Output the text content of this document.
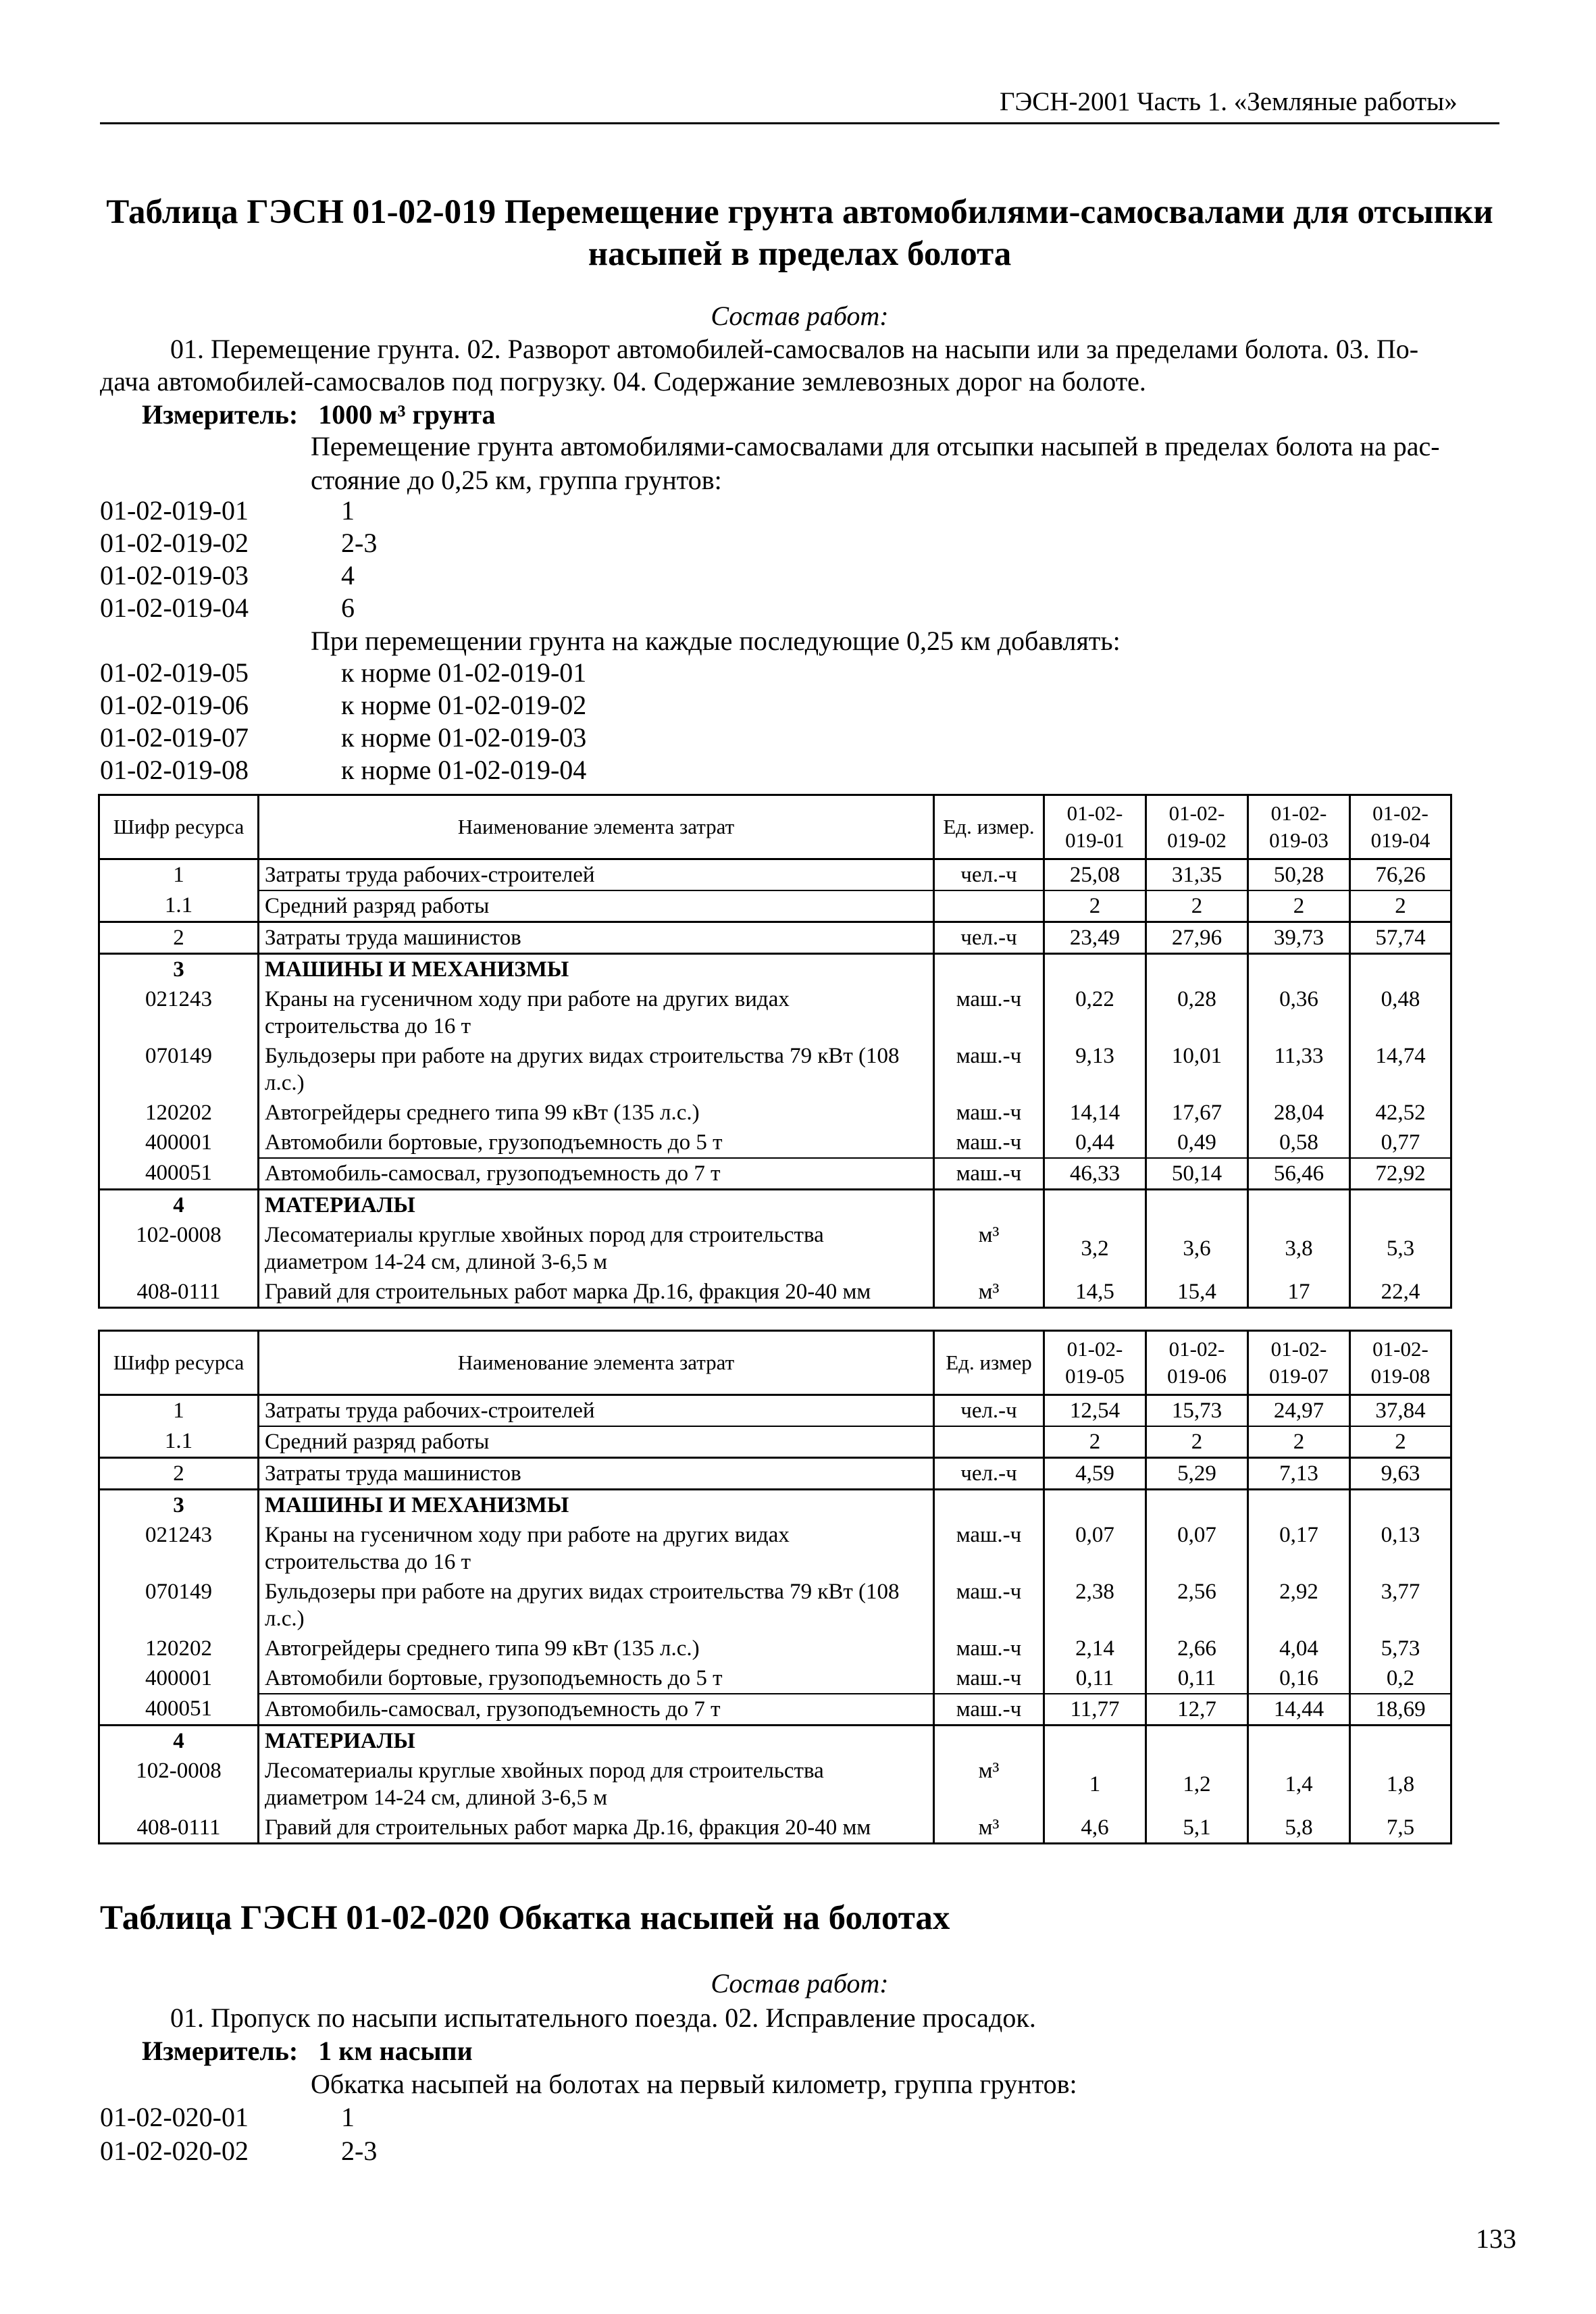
ГЭСН-2001 Часть 1. «Земляные работы»
Таблица ГЭСН 01-02-019 Перемещение грунта автомобилями-самосвалами для отсыпки
насыпей в пределах болота
Состав работ:
01. Перемещение грунта. 02. Разворот автомобилей-самосвалов на насыпи или за пределами болота. 03. По-
дача автомобилей-самосвалов под погрузку. 04. Содержание землевозных дорог на болоте.
Измеритель: 1000 м³ грунта
Перемещение грунта автомобилями-самосвалами для отсыпки насыпей в пределах болота на рас-
стояние до 0,25 км, группа грунтов:
01-02-019-01	1
01-02-019-02	2-3
01-02-019-03	4
01-02-019-04	6
При перемещении грунта на каждые последующие 0,25 км добавлять:
01-02-019-05	к норме 01-02-019-01
01-02-019-06	к норме 01-02-019-02
01-02-019-07	к норме 01-02-019-03
01-02-019-08	к норме 01-02-019-04
Шифр ресурса	Наименование элемента затрат	Ед. измер.	01-02-019-01	01-02-019-02	01-02-019-03	01-02-019-04
1	Затраты труда рабочих-строителей	чел.-ч	25,08	31,35	50,28	76,26
1.1	Средний разряд работы		2	2	2	2
2	Затраты труда машинистов	чел.-ч	23,49	27,96	39,73	57,74
3	МАШИНЫ И МЕХАНИЗМЫ					
021243	Краны на гусеничном ходу при работе на других видах строительства до 16 т	маш.-ч	0,22	0,28	0,36	0,48
070149	Бульдозеры при работе на других видах строительства 79 кВт (108 л.с.)	маш.-ч	9,13	10,01	11,33	14,74
120202	Автогрейдеры среднего типа 99 кВт (135 л.с.)	маш.-ч	14,14	17,67	28,04	42,52
400001	Автомобили бортовые, грузоподъемность до 5 т	маш.-ч	0,44	0,49	0,58	0,77
400051	Автомобиль-самосвал, грузоподъемность до 7 т	маш.-ч	46,33	50,14	56,46	72,92
4	МАТЕРИАЛЫ					
102-0008	Лесоматериалы круглые хвойных пород для строительства диаметром 14-24 см, длиной 3-6,5 м	м³	3,2	3,6	3,8	5,3
408-0111	Гравий для строительных работ марка Др.16, фракция 20-40 мм	м³	14,5	15,4	17	22,4
Шифр ресурса	Наименование элемента затрат	Ед. измер	01-02-019-05	01-02-019-06	01-02-019-07	01-02-019-08
1	Затраты труда рабочих-строителей	чел.-ч	12,54	15,73	24,97	37,84
1.1	Средний разряд работы		2	2	2	2
2	Затраты труда машинистов	чел.-ч	4,59	5,29	7,13	9,63
3	МАШИНЫ И МЕХАНИЗМЫ					
021243	Краны на гусеничном ходу при работе на других видах строительства до 16 т	маш.-ч	0,07	0,07	0,17	0,13
070149	Бульдозеры при работе на других видах строительства 79 кВт (108 л.с.)	маш.-ч	2,38	2,56	2,92	3,77
120202	Автогрейдеры среднего типа 99 кВт (135 л.с.)	маш.-ч	2,14	2,66	4,04	5,73
400001	Автомобили бортовые, грузоподъемность до 5 т	маш.-ч	0,11	0,11	0,16	0,2
400051	Автомобиль-самосвал, грузоподъемность до 7 т	маш.-ч	11,77	12,7	14,44	18,69
4	МАТЕРИАЛЫ					
102-0008	Лесоматериалы круглые хвойных пород для строительства диаметром 14-24 см, длиной 3-6,5 м	м³	1	1,2	1,4	1,8
408-0111	Гравий для строительных работ марка Др.16, фракция 20-40 мм	м³	4,6	5,1	5,8	7,5
Таблица ГЭСН 01-02-020 Обкатка насыпей на болотах
Состав работ:
01. Пропуск по насыпи испытательного поезда. 02. Исправление просадок.
Измеритель: 1 км насыпи
Обкатка насыпей на болотах на первый километр, группа грунтов:
01-02-020-01	1
01-02-020-02	2-3
133
